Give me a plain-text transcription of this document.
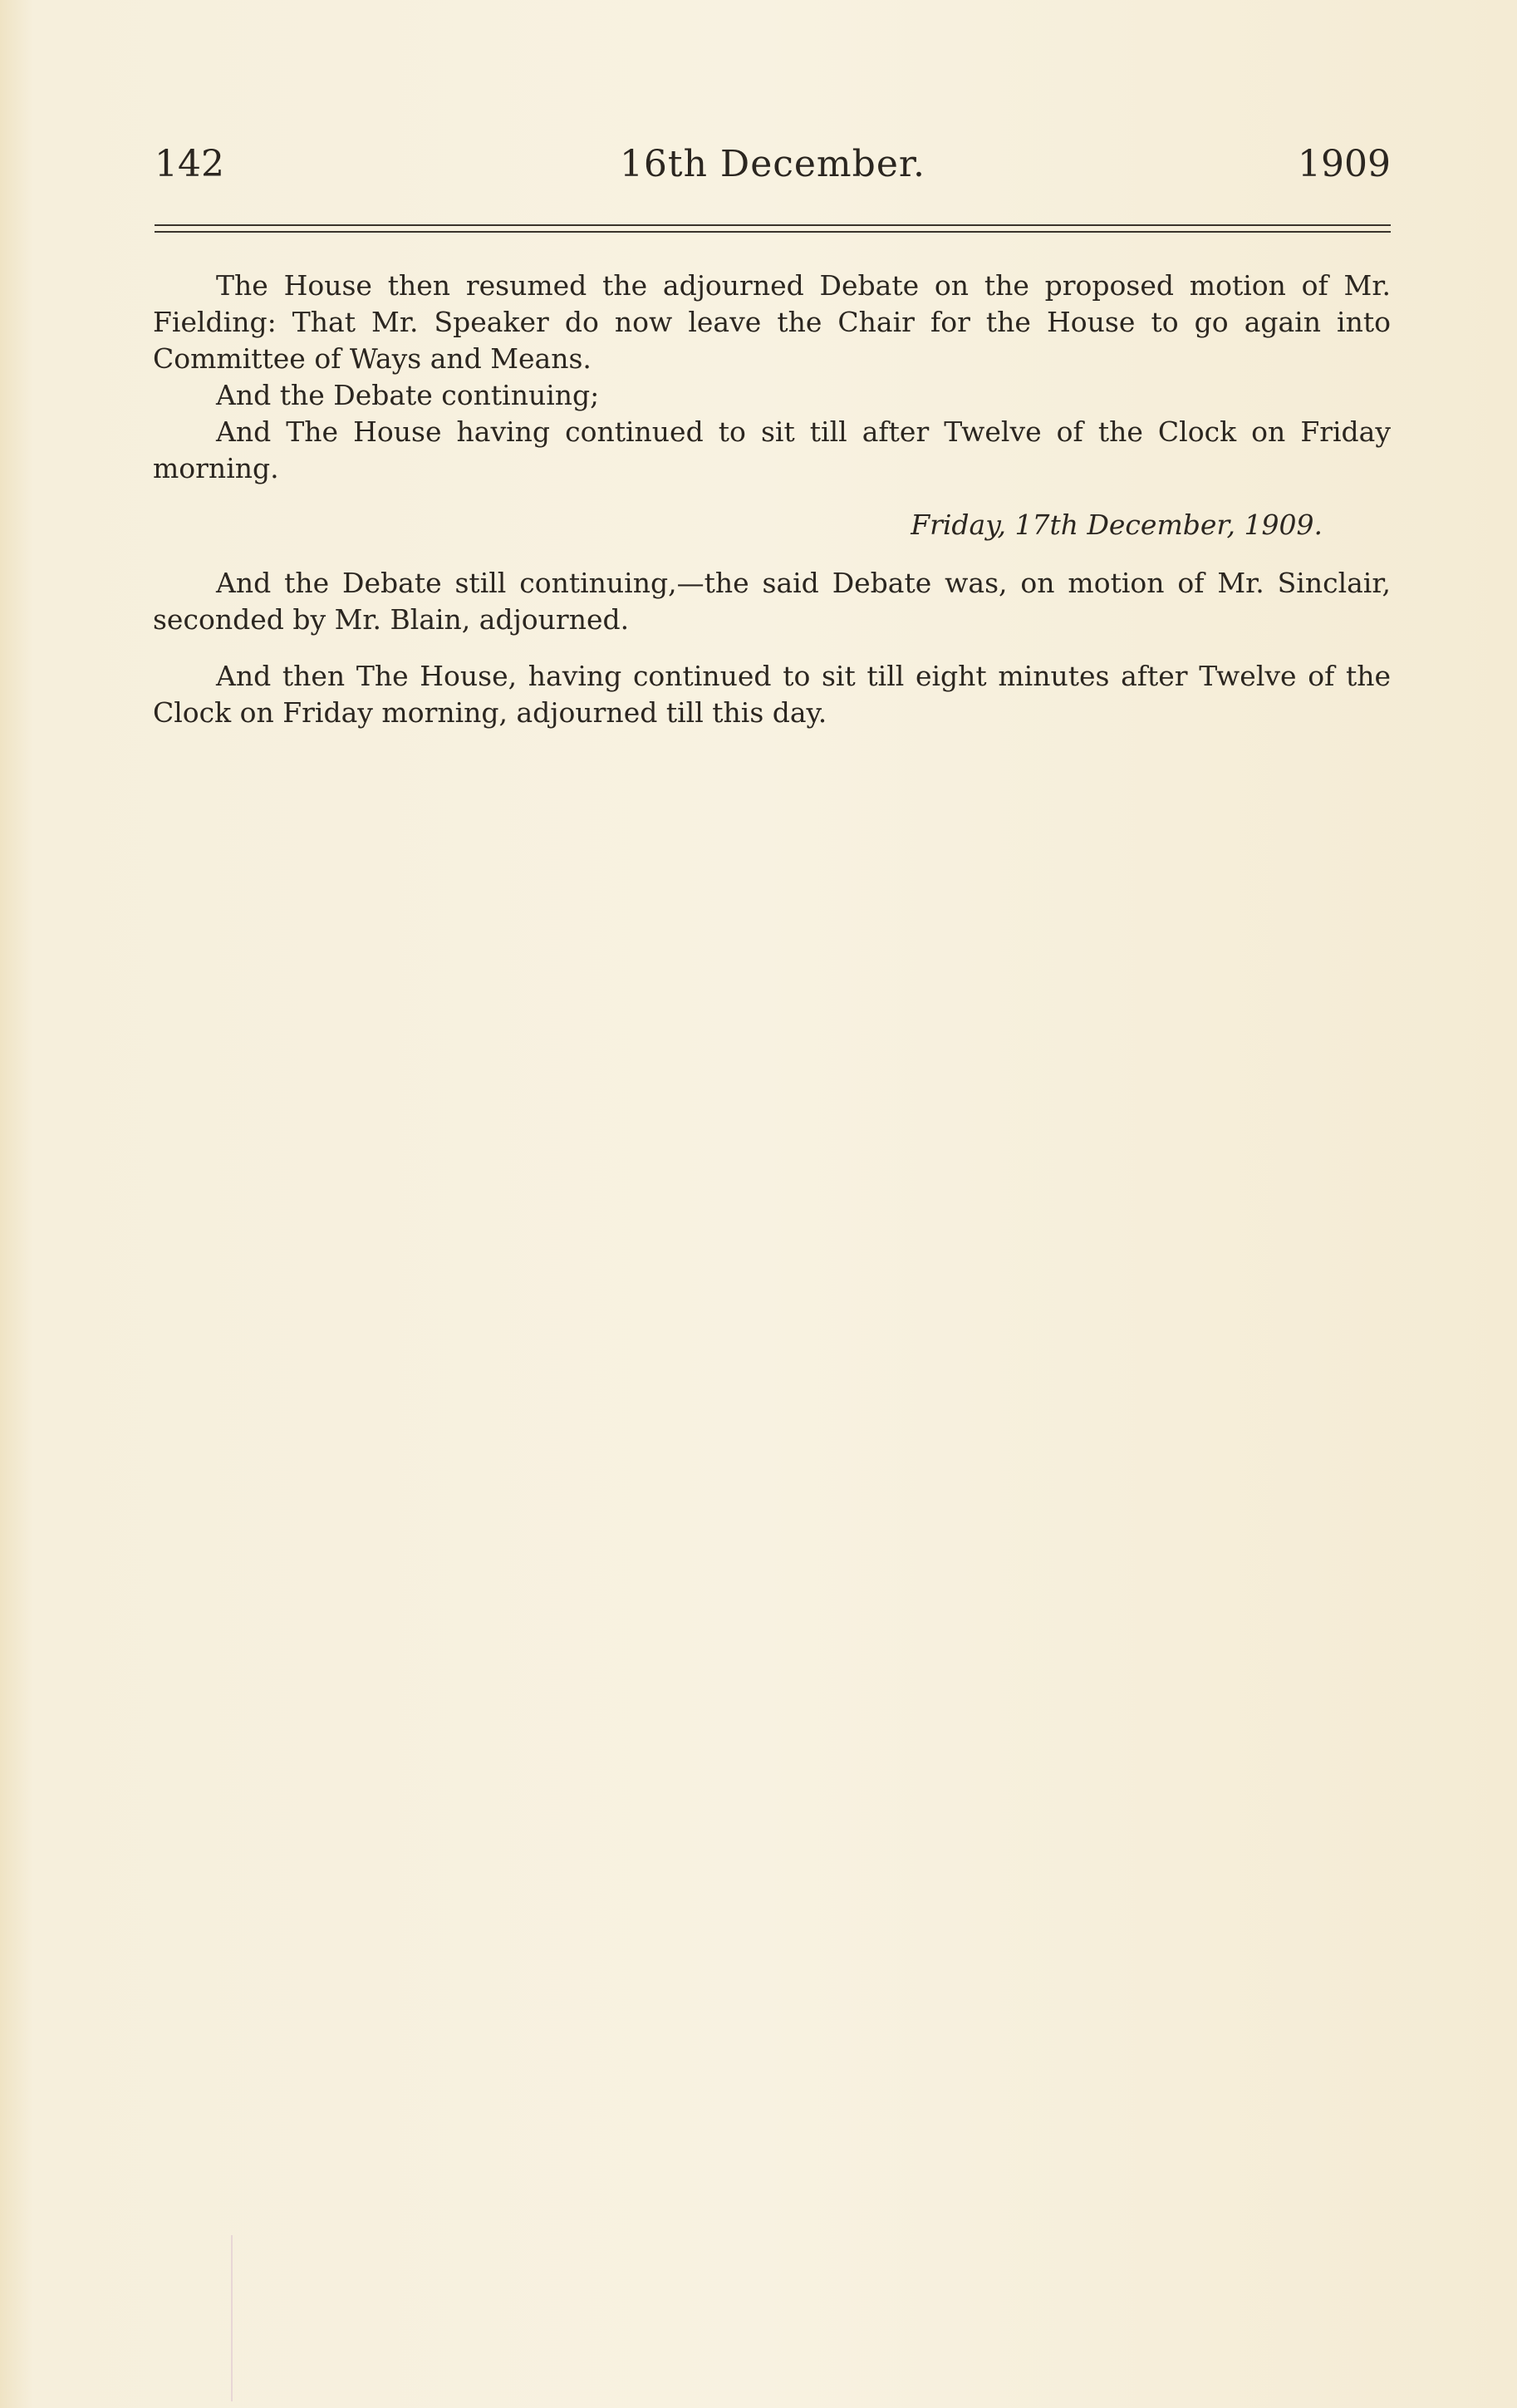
142	16th December.	1909

The House then resumed the adjourned Debate on the proposed motion of Mr. Fielding: That Mr. Speaker do now leave the Chair for the House to go again into Committee of Ways and Means.

And the Debate continuing;

And The House having continued to sit till after Twelve of the Clock on Friday morning.

Friday, 17th December, 1909.

And the Debate still continuing,—the said Debate was, on motion of Mr. Sinclair, seconded by Mr. Blain, adjourned.

And then The House, having continued to sit till eight minutes after Twelve of the Clock on Friday morning, adjourned till this day.
